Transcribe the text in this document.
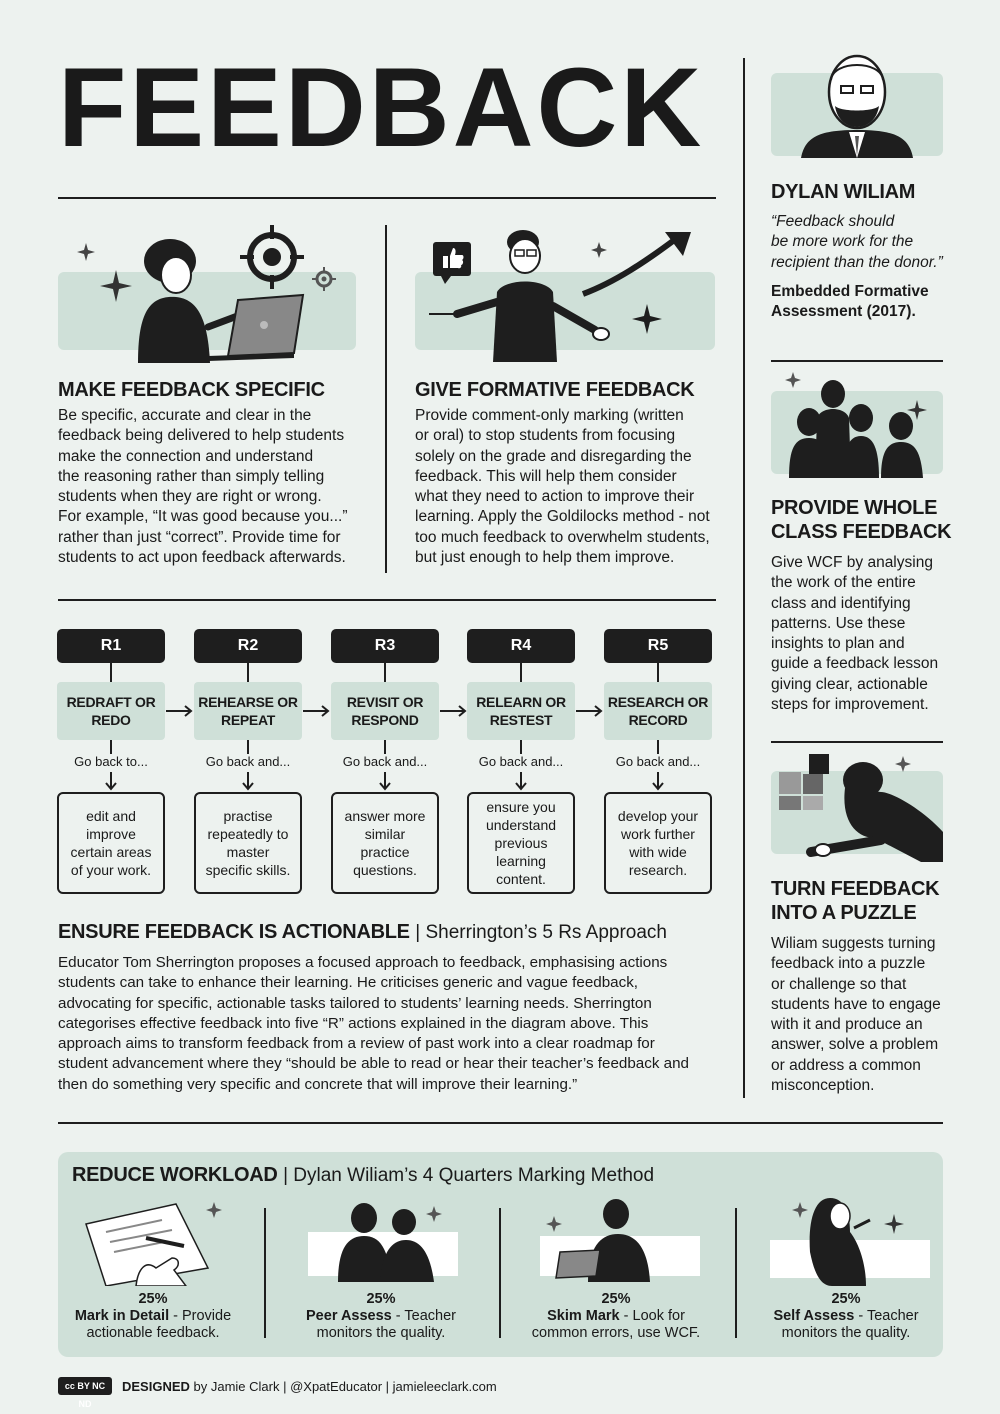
FEEDBACK
MAKE FEEDBACK SPECIFIC
Be specific, accurate and clear in the
feedback being delivered to help students
make the connection and understand
the reasoning rather than simply telling
students when they are right or wrong.
For example, “It was good because you...”
rather than just “correct”. Provide time for
students to act upon feedback afterwards.
GIVE FORMATIVE FEEDBACK
Provide comment-only marking (written
or oral) to stop students from focusing
solely on the grade and disregarding the
feedback. This will help them consider
what they need to action to improve their
learning. Apply the Goldilocks method - not
too much feedback to overwhelm students,
but just enough to help them improve.
R1
REDRAFT OR
REDO
Go back to...
R2
REHEARSE OR
REPEAT
Go back and...
R3
REVISIT OR
RESPOND
Go back and...
R4
RELEARN OR
RESTEST
Go back and...
R5
RESEARCH OR
RECORD
Go back and...
edit and improve certain areas of your work.
practise repeatedly to master specific skills.
answer more similar practice questions.
ensure you understand previous learning content.
develop your work further with wide research.
ENSURE FEEDBACK IS ACTIONABLE | Sherrington’s 5 Rs Approach
Educator Tom Sherrington proposes a focused approach to feedback, emphasising actions
students can take to enhance their learning. He criticises generic and vague feedback,
advocating for specific, actionable tasks tailored to students’ learning needs. Sherrington
categorises effective feedback into five “R” actions explained in the diagram above. This
approach aims to transform feedback from a review of past work into a clear roadmap for
student advancement where they “should be able to read or hear their teacher’s feedback and
then do something very specific and concrete that will improve their learning.”
DYLAN WILIAM
“Feedback should
be more work for the
recipient than the donor.”
Embedded Formative
Assessment (2017).
PROVIDE WHOLE
CLASS FEEDBACK
Give WCF by analysing
the work of the entire
class and identifying
patterns. Use these
insights to plan and
guide a feedback lesson
giving clear, actionable
steps for improvement.
TURN FEEDBACK
INTO A PUZZLE
Wiliam suggests turning
feedback into a puzzle
or challenge so that
students have to engage
with it and produce an
answer, solve a problem
or address a common
misconception.
REDUCE WORKLOAD | Dylan Wiliam’s 4 Quarters Marking Method
25%
Mark in Detail - Provide
actionable feedback.
25%
Peer Assess - Teacher
monitors the quality.
25%
Skim Mark - Look for
common errors, use WCF.
25%
Self Assess - Teacher
monitors the quality.
cc BY NC ND
DESIGNED by Jamie Clark | @XpatEducator | jamieleeclark.com
